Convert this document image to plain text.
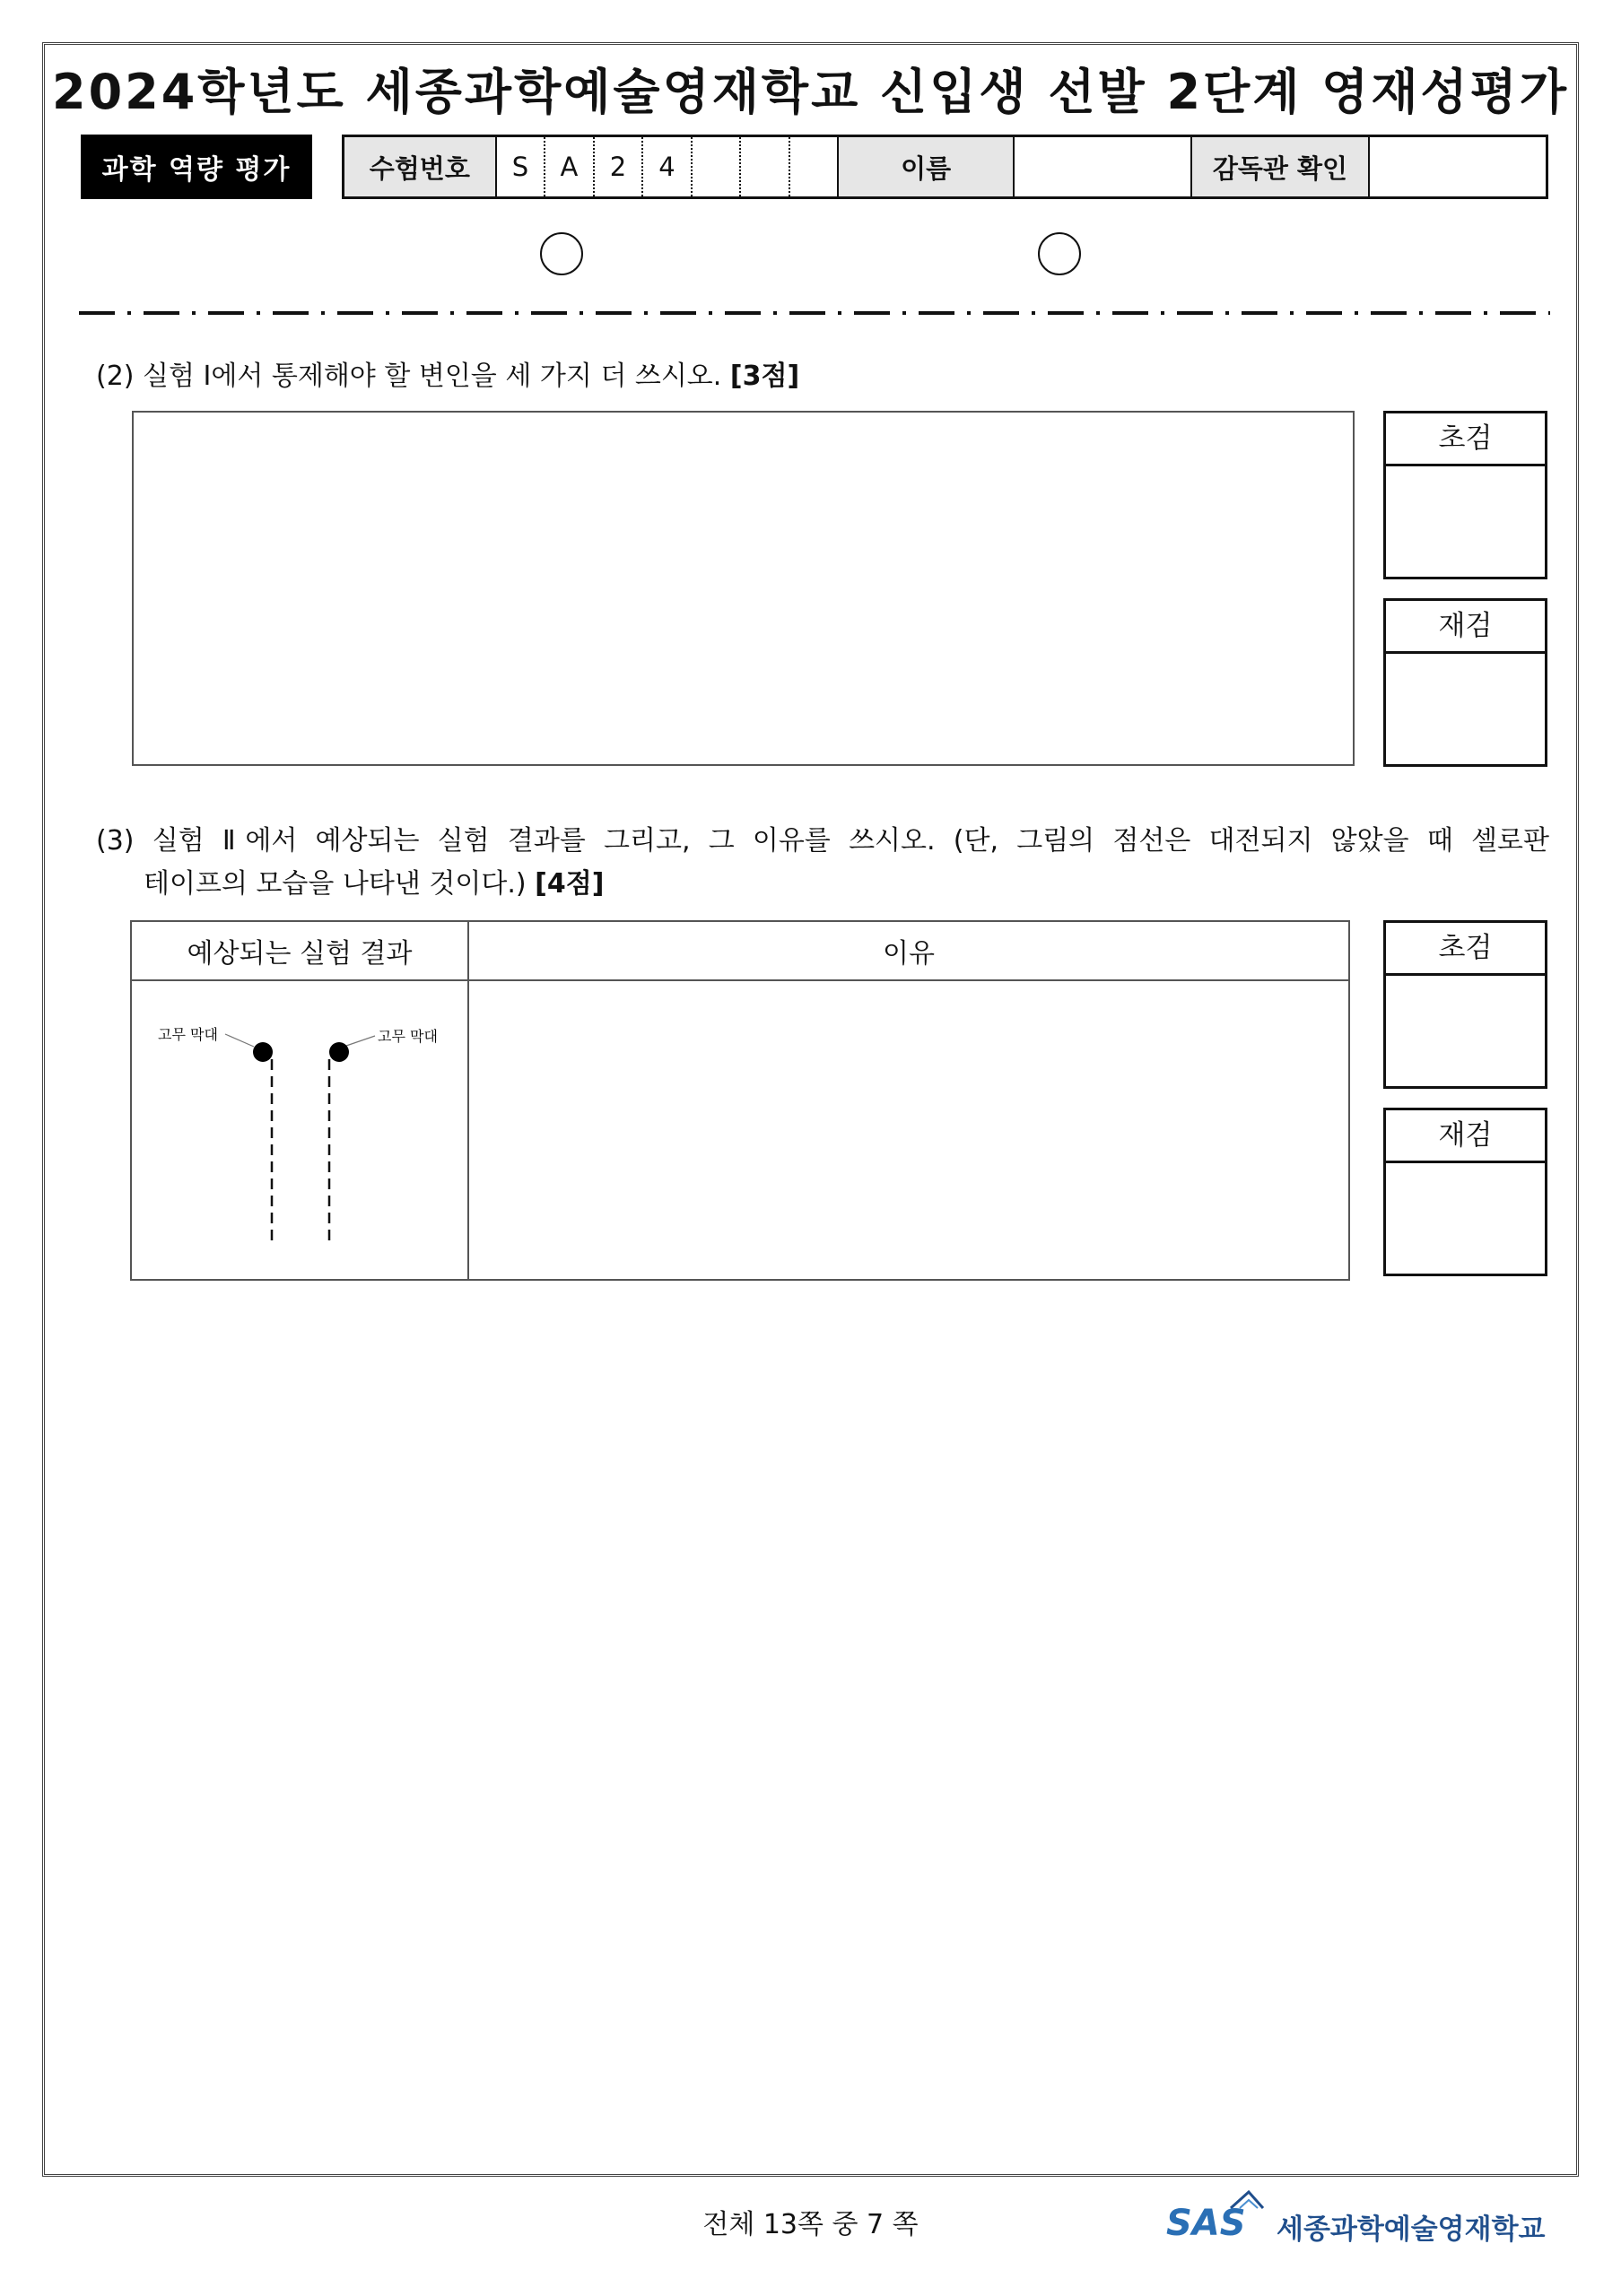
2024학년도 세종과학예술영재학교 신입생 선발 2단계 영재성평가
과학 역량 평가	수험번호	S	A	2	4				이름		감독관 확인	
(2) 실험 Ⅰ에서 통제해야 할 변인을 세 가지 더 쓰시오. [3점]
초검
재검
(3) 실험 Ⅱ에서 예상되는 실험 결과를 그리고, 그 이유를 쓰시오. (단, 그림의 점선은 대전되지 않았을 때 셀로판
테이프의 모습을 나타낸 것이다.) [4점]
예상되는 실험 결과	이유

고무 막대 고무 막대	

초검
재검
전체 13쪽 중 7 쪽	SAS 세종과학예술영재학교
